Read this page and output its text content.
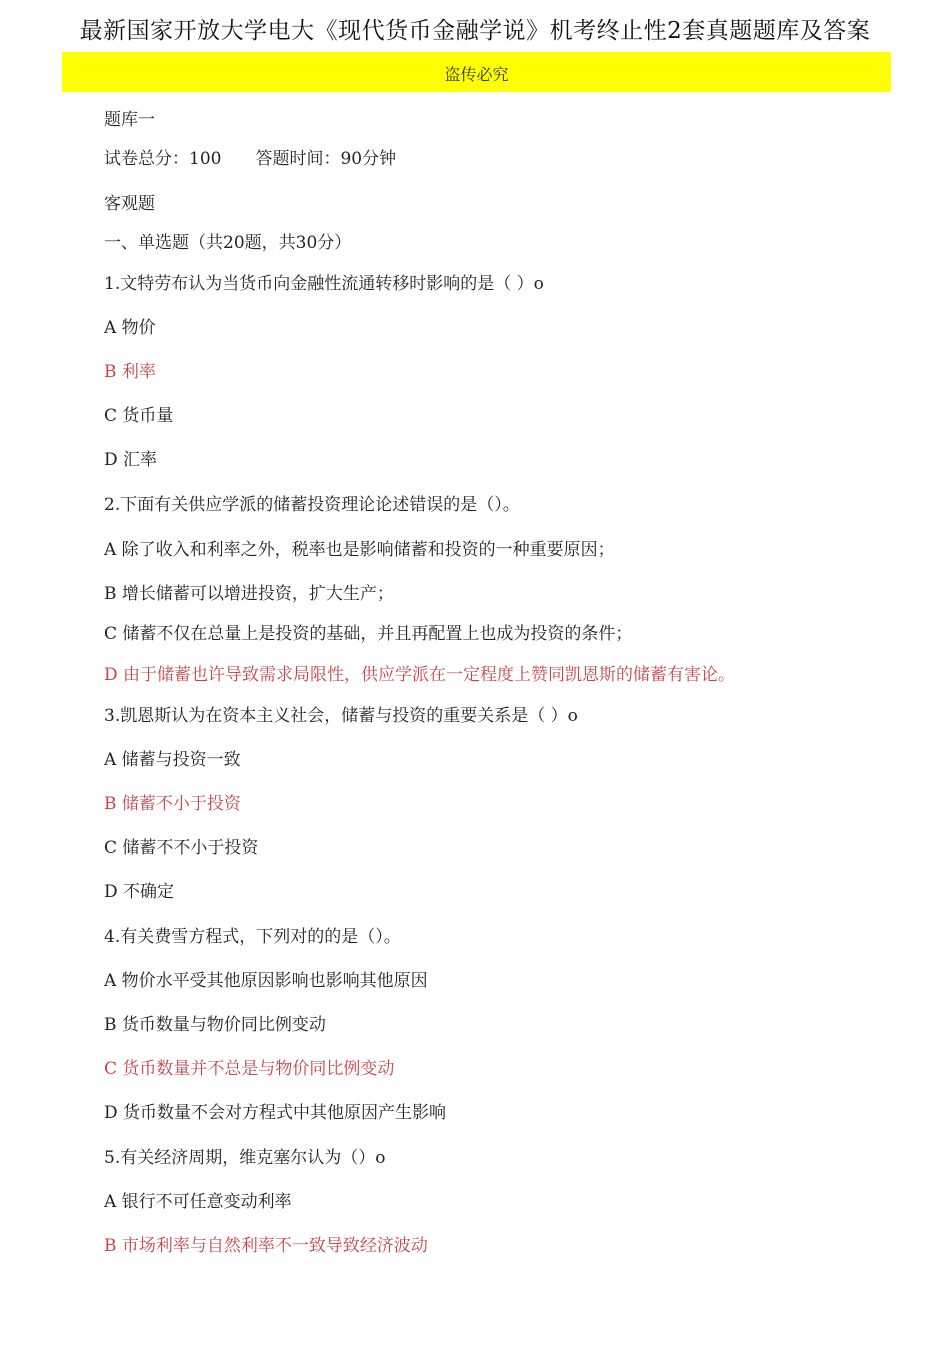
最新国家开放大学电大《现代货币金融学说》机考终止性2套真题题库及答案
盗传必究
题库一
试卷总分：100 答题时间：90分钟
客观题
一、单选题（共20题，共30分）
1.文特劳布认为当货币向金融性流通转移时影响的是（ ）o
A 物价
B 利率
C 货币量
D 汇率
2.下面有关供应学派的储蓄投资理论论述错误的是（）。
A 除了收入和利率之外，税率也是影响储蓄和投资的一种重要原因；
B 增长储蓄可以增进投资，扩大生产；
C 储蓄不仅在总量上是投资的基础，并且再配置上也成为投资的条件；
D 由于储蓄也许导致需求局限性，供应学派在一定程度上赞同凯恩斯的储蓄有害论。
3.凯恩斯认为在资本主义社会，储蓄与投资的重要关系是（ ）o
A 储蓄与投资一致
B 储蓄不小于投资
C 储蓄不不小于投资
D 不确定
4.有关费雪方程式，下列对的的是（）。
A 物价水平受其他原因影响也影响其他原因
B 货币数量与物价同比例变动
C 货币数量并不总是与物价同比例变动
D 货币数量不会对方程式中其他原因产生影响
5.有关经济周期，维克塞尔认为（）o
A 银行不可任意变动利率
B 市场利率与自然利率不一致导致经济波动
